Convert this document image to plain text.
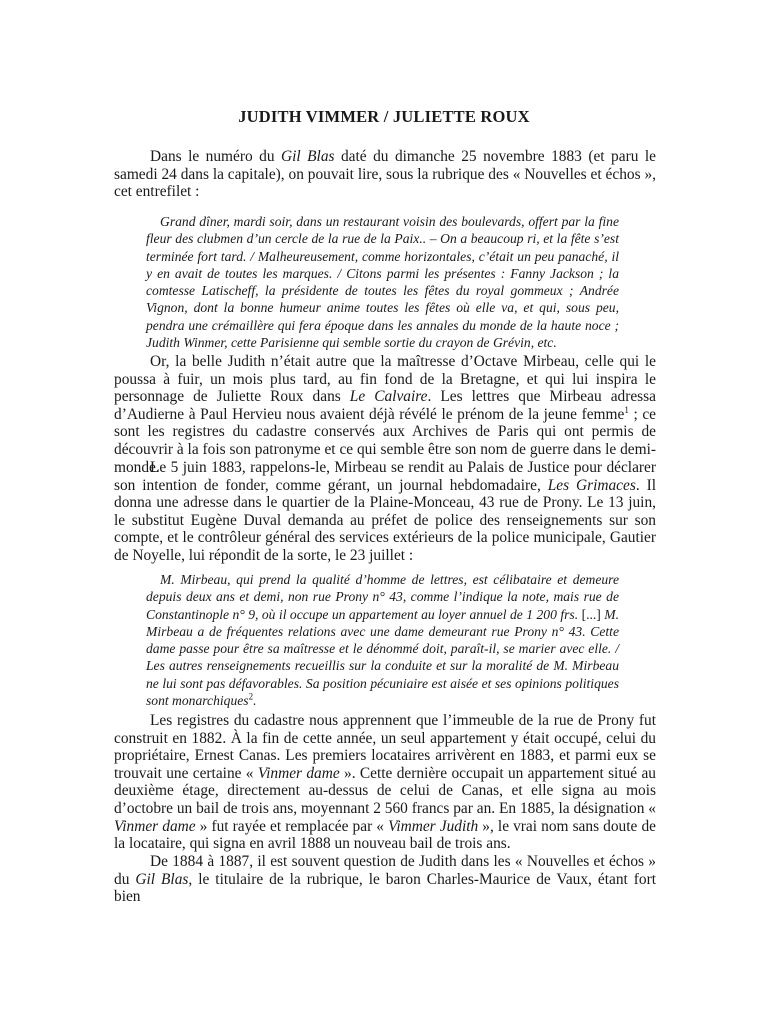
JUDITH VIMMER / JULIETTE ROUX

Dans le numéro du Gil Blas daté du dimanche 25 novembre 1883 (et paru le samedi 24 dans la capitale), on pouvait lire, sous la rubrique des « Nouvelles et échos », cet entrefilet :

Grand dîner, mardi soir, dans un restaurant voisin des boulevards, offert par la fine fleur des clubmen d’un cercle de la rue de la Paix.. – On a beaucoup ri, et la fête s’est terminée fort tard. / Malheureusement, comme horizontales, c’était un peu panaché, il y en avait de toutes les marques. / Citons parmi les présentes : Fanny Jackson ; la comtesse Latischeff, la présidente de toutes les fêtes du royal gommeux ; Andrée Vignon, dont la bonne humeur anime toutes les fêtes où elle va, et qui, sous peu, pendra une crémaillère qui fera époque dans les annales du monde de la haute noce ; Judith Winmer, cette Parisienne qui semble sortie du crayon de Grévin, etc.

Or, la belle Judith n’était autre que la maîtresse d’Octave Mirbeau, celle qui le poussa à fuir, un mois plus tard, au fin fond de la Bretagne, et qui lui inspira le personnage de Juliette Roux dans Le Calvaire. Les lettres que Mirbeau adressa d’Audierne à Paul Hervieu nous avaient déjà révélé le prénom de la jeune femme$^1$ ; ce sont les registres du cadastre conservés aux Archives de Paris qui ont permis de découvrir à la fois son patronyme et ce qui semble être son nom de guerre dans le demi-monde.

Le 5 juin 1883, rappelons-le, Mirbeau se rendit au Palais de Justice pour déclarer son intention de fonder, comme gérant, un journal hebdomadaire, Les Grimaces. Il donna une adresse dans le quartier de la Plaine-Monceau, 43 rue de Prony. Le 13 juin, le substitut Eugène Duval demanda au préfet de police des renseignements sur son compte, et le contrôleur général des services extérieurs de la police municipale, Gautier de Noyelle, lui répondit de la sorte, le 23 juillet :

M. Mirbeau, qui prend la qualité d’homme de lettres, est célibataire et demeure depuis deux ans et demi, non rue Prony n° 43, comme l’indique la note, mais rue de Constantinople n° 9, où il occupe un appartement au loyer annuel de 1 200 frs. [...] M. Mirbeau a de fréquentes relations avec une dame demeurant rue Prony n° 43. Cette dame passe pour être sa maîtresse et le dénommé doit, paraît-il, se marier avec elle. / Les autres renseignements recueillis sur la conduite et sur la moralité de M. Mirbeau ne lui sont pas défavorables. Sa position pécuniaire est aisée et ses opinions politiques sont monarchiques$^2$.

Les registres du cadastre nous apprennent que l’immeuble de la rue de Prony fut construit en 1882. À la fin de cette année, un seul appartement y était occupé, celui du propriétaire, Ernest Canas. Les premiers locataires arrivèrent en 1883, et parmi eux se trouvait une certaine « Vinmer dame ». Cette dernière occupait un appartement situé au deuxième étage, directement au-dessus de celui de Canas, et elle signa au mois d’octobre un bail de trois ans, moyennant 2 560 francs par an. En 1885, la désignation « Vinmer dame » fut rayée et remplacée par « Vimmer Judith », le vrai nom sans doute de la locataire, qui signa en avril 1888 un nouveau bail de trois ans.

De 1884 à 1887, il est souvent question de Judith dans les « Nouvelles et échos » du Gil Blas, le titulaire de la rubrique, le baron Charles-Maurice de Vaux, étant fort bien
